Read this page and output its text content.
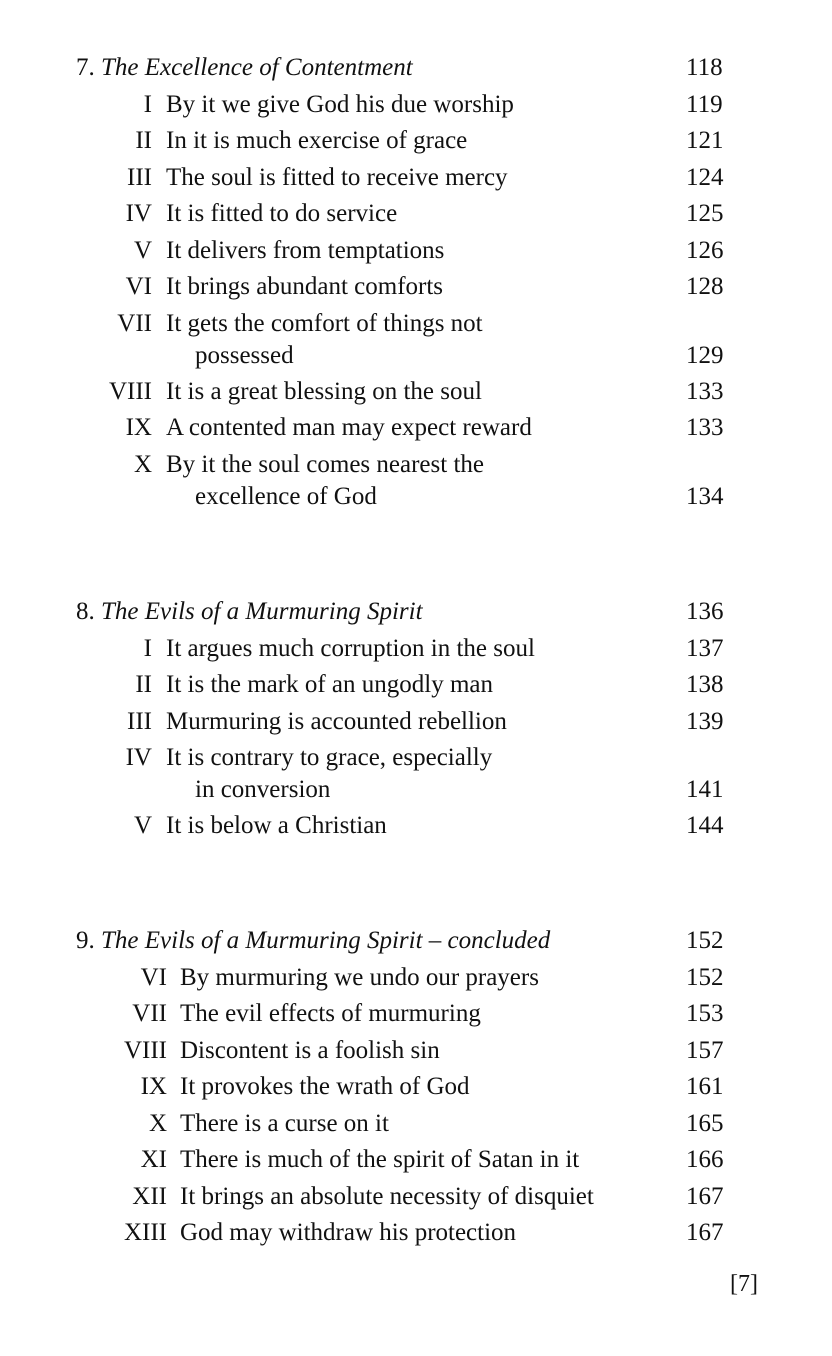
7. The Excellence of Contentment	118
I By it we give God his due worship	119
II In it is much exercise of grace	121
III The soul is fitted to receive mercy	124
IV It is fitted to do service	125
V It delivers from temptations	126
VI It brings abundant comforts	128
VII It gets the comfort of things not
possessed	129
VIII It is a great blessing on the soul	133
IX A contented man may expect reward	133
X By it the soul comes nearest the
excellence of God	134
8. The Evils of a Murmuring Spirit	136
I It argues much corruption in the soul	137
II It is the mark of an ungodly man	138
III Murmuring is accounted rebellion	139
IV It is contrary to grace, especially
in conversion	141
V It is below a Christian	144
9. The Evils of a Murmuring Spirit – concluded	152
VI By murmuring we undo our prayers	152
VII The evil effects of murmuring	153
VIII Discontent is a foolish sin	157
IX It provokes the wrath of God	161
X There is a curse on it	165
XI There is much of the spirit of Satan in it	166
XII It brings an absolute necessity of disquiet	167
XIII God may withdraw his protection	167
[7]
